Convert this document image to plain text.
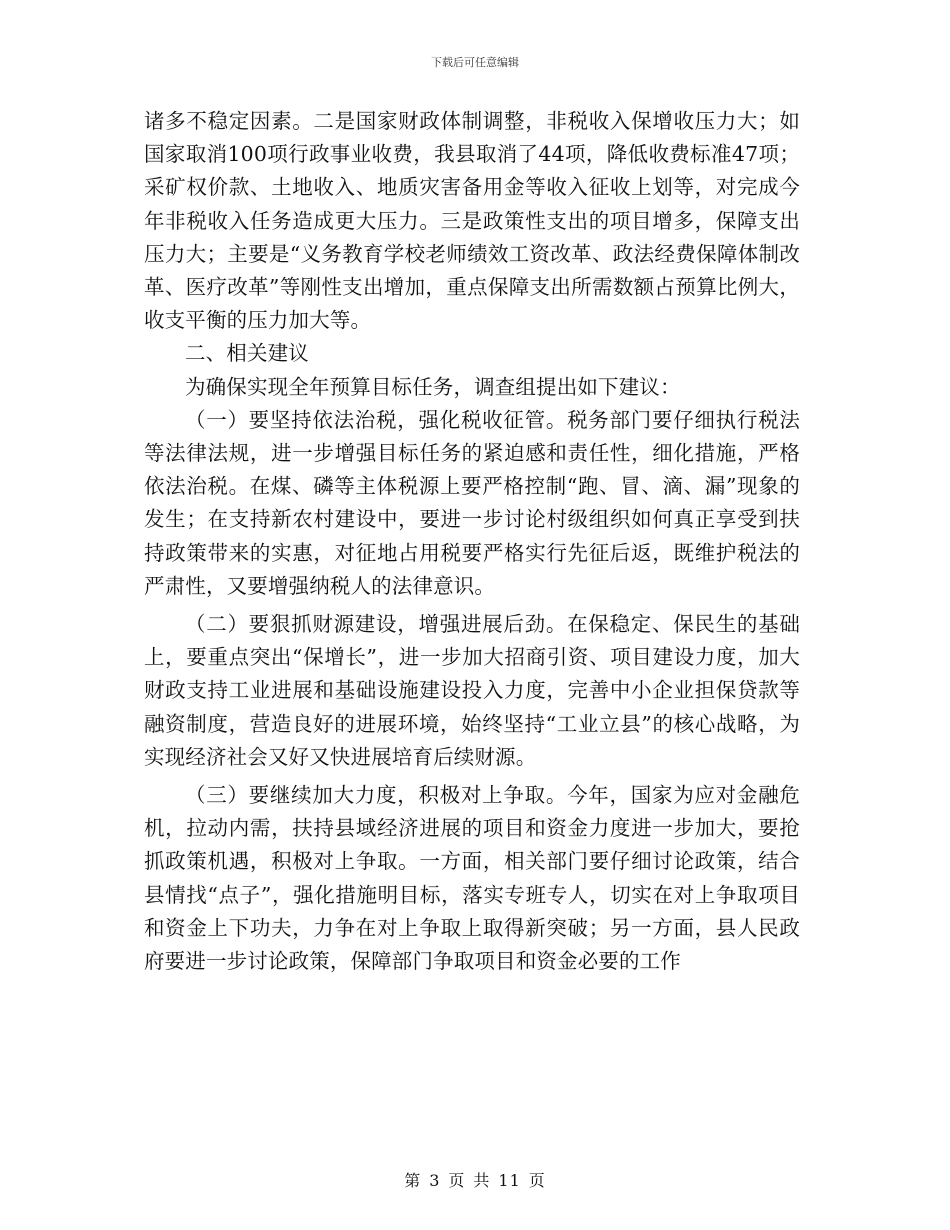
下载后可任意编辑

诸多不稳定因素。二是国家财政体制调整，非税收入保增收压力大；如国家取消100项行政事业收费，我县取消了44项，降低收费标准47项；采矿权价款、土地收入、地质灾害备用金等收入征收上划等，对完成今年非税收入任务造成更大压力。三是政策性支出的项目增多，保障支出压力大；主要是“义务教育学校老师绩效工资改革、政法经费保障体制改革、医疗改革”等刚性支出增加，重点保障支出所需数额占预算比例大，收支平衡的压力加大等。

二、相关建议

为确保实现全年预算目标任务，调查组提出如下建议：

（一）要坚持依法治税，强化税收征管。税务部门要仔细执行税法等法律法规，进一步增强目标任务的紧迫感和责任性，细化措施，严格依法治税。在煤、磷等主体税源上要严格控制“跑、冒、滴、漏”现象的发生；在支持新农村建设中，要进一步讨论村级组织如何真正享受到扶持政策带来的实惠，对征地占用税要严格实行先征后返，既维护税法的严肃性，又要增强纳税人的法律意识。

（二）要狠抓财源建设，增强进展后劲。在保稳定、保民生的基础上，要重点突出“保增长”，进一步加大招商引资、项目建设力度，加大财政支持工业进展和基础设施建设投入力度，完善中小企业担保贷款等融资制度，营造良好的进展环境，始终坚持“工业立县”的核心战略，为实现经济社会又好又快进展培育后续财源。

（三）要继续加大力度，积极对上争取。今年，国家为应对金融危机，拉动内需，扶持县域经济进展的项目和资金力度进一步加大，要抢抓政策机遇，积极对上争取。一方面，相关部门要仔细讨论政策，结合县情找“点子”，强化措施明目标，落实专班专人，切实在对上争取项目和资金上下功夫，力争在对上争取上取得新突破；另一方面，县人民政府要进一步讨论政策，保障部门争取项目和资金必要的工作

第 3 页 共 11 页
